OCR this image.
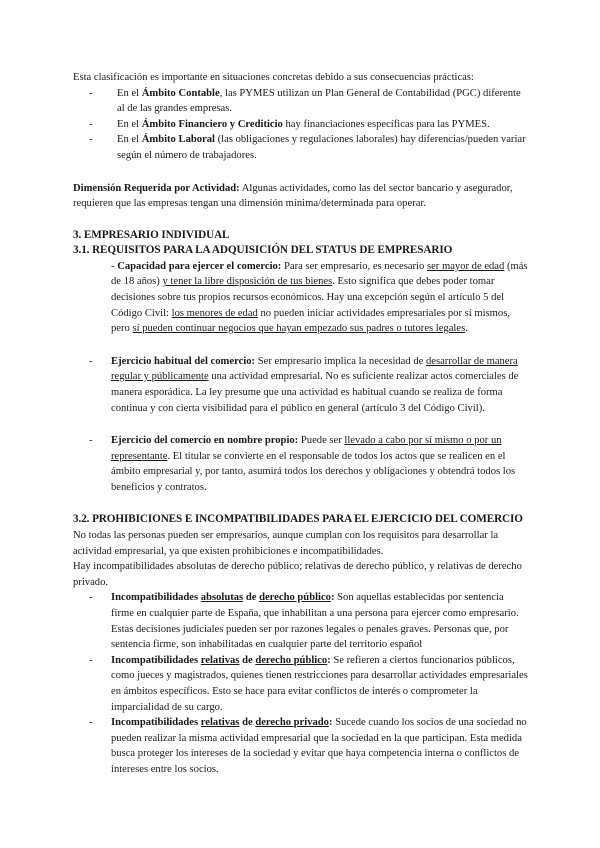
Esta clasificación es importante en situaciones concretas debido a sus consecuencias prácticas:

-	En el Ámbito Contable, las PYMES utilizan un Plan General de Contabilidad (PGC) diferente al de las grandes empresas.
-	En el Ámbito Financiero y Crediticio hay financiaciones específicas para las PYMES.
-	En el Ámbito Laboral (las obligaciones y regulaciones laborales) hay diferencias/pueden variar según el número de trabajadores.

Dimensión Requerida por Actividad: Algunas actividades, como las del sector bancario y asegurador, requieren que las empresas tengan una dimensión mínima/determinada para operar.

3. EMPRESARIO INDIVIDUAL

3.1. REQUISITOS PARA LA ADQUISICIÓN DEL STATUS DE EMPRESARIO

- Capacidad para ejercer el comercio: Para ser empresario, es necesario ser mayor de edad (más de 18 años) y tener la libre disposición de tus bienes. Esto significa que debes poder tomar decisiones sobre tus propios recursos económicos. Hay una excepción según el artículo 5 del Código Civil: los menores de edad no pueden iniciar actividades empresariales por sí mismos, pero sí pueden continuar negocios que hayan empezado sus padres o tutores legales.
-	Ejercicio habitual del comercio: Ser empresario implica la necesidad de desarrollar de manera regular y públicamente una actividad empresarial. No es suficiente realizar actos comerciales de manera esporádica. La ley presume que una actividad es habitual cuando se realiza de forma continua y con cierta visibilidad para el público en general (artículo 3 del Código Civil).
-	Ejercicio del comercio en nombre propio: Puede ser llevado a cabo por sí mismo o por un representante. El titular se convierte en el responsable de todos los actos que se realicen en el ámbito empresarial y, por tanto, asumirá todos los derechos y obligaciones y obtendrá todos los beneficios y contratos.

3.2. PROHIBICIONES E INCOMPATIBILIDADES PARA EL EJERCICIO DEL COMERCIO

No todas las personas pueden ser empresarios, aunque cumplan con los requisitos para desarrollar la actividad empresarial, ya que existen prohibiciones e incompatibilidades.

Hay incompatibilidades absolutas de derecho público; relativas de derecho público, y relativas de derecho privado.

-	Incompatibilidades absolutas de derecho público: Son aquellas establecidas por sentencia firme en cualquier parte de España, que inhabilitan a una persona para ejercer como empresario. Estas decisiones judiciales pueden ser por razones legales o penales graves. Personas que, por sentencia firme, son inhabilitadas en cualquier parte del territorio español
-	Incompatibilidades relativas de derecho público: Se refieren a ciertos funcionarios públicos, como jueces y magistrados, quienes tienen restricciones para desarrollar actividades empresariales en ámbitos específicos. Esto se hace para evitar conflictos de interés o comprometer la imparcialidad de su cargo.
-	Incompatibilidades relativas de derecho privado: Sucede cuando los socios de una sociedad no pueden realizar la misma actividad empresarial que la sociedad en la que participan. Esta medida busca proteger los intereses de la sociedad y evitar que haya competencia interna o conflictos de intereses entre los socios.
